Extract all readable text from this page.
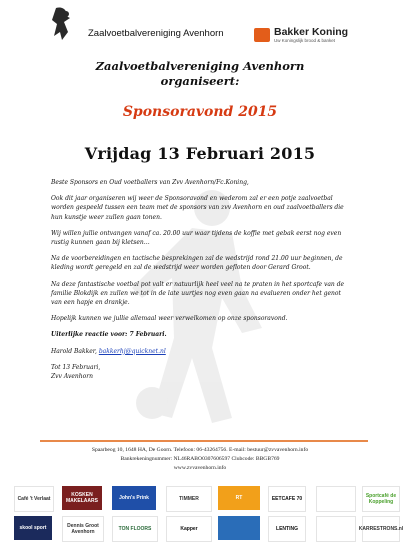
Zaalvoetbalvereniging Avenhorn	Bakker Koning
Uw Koningslijk brood & banket
Zaalvoetbalvereniging Avenhorn
organiseert:
Sponsoravond 2015
Vrijdag 13 Februari 2015

Beste Sponsors en Oud voetballers van Zvv Avenhorn/Fc.Koning,

Ook dit jaar organiseren wij weer de Sponsoravond en wederom zal er een potje zaalvoetbal worden gespeeld tussen een team met de sponsors van zvv Avenhorn en oud zaalvoetballers die hun kunstje weer zullen gaan tonen.

Wij willen jullie ontvangen vanaf ca. 20.00 uur waar tijdens de koffie met gebak eerst nog even rustig kunnen gaan bij kletsen…

Na de voorbereidingen en tactische besprekingen zal de wedstrijd rond 21.00 uur beginnen, de kleding wordt geregeld en zal de wedstrijd weer worden gefloten door Gerard Groot.

Na deze fantastische voetbal pot valt er natuurlijk heel veel na te praten in het sportcafe van de familie Blokdijk en zullen we tot in de late uurtjes nog even gaan na evalueren onder het genot van een hapje en drankje.

Hopelijk kunnen we jullie allemaal weer verwelkomen op onze sponsoravond.

Uiterlijke reactie voor: 7 Februari.

Harold Bakker, bakkerhj@quicknet.nl

Tot 13 Februari,
Zvv Avenhorn

Spaarbeog 10, 1648 HA, De Goorn. Telefoon: 06-43264756. E-mail: bestuur@zvvavenhorn.info
Bankrekeningnummer: NL46RABO0307606597 Clubcode: BBGB769
www.zvvavenhorn.info
Café 't Verlaat
KOSKEN MAKELAARS	John's Prink	TIMMER	RT	EETCAFE 70	Sportcafé de Koppeling
skool sport	Dennis Groot Avenhorn	TON FLOORS	Kapper	LENTING	KARRESTRONS.nl
